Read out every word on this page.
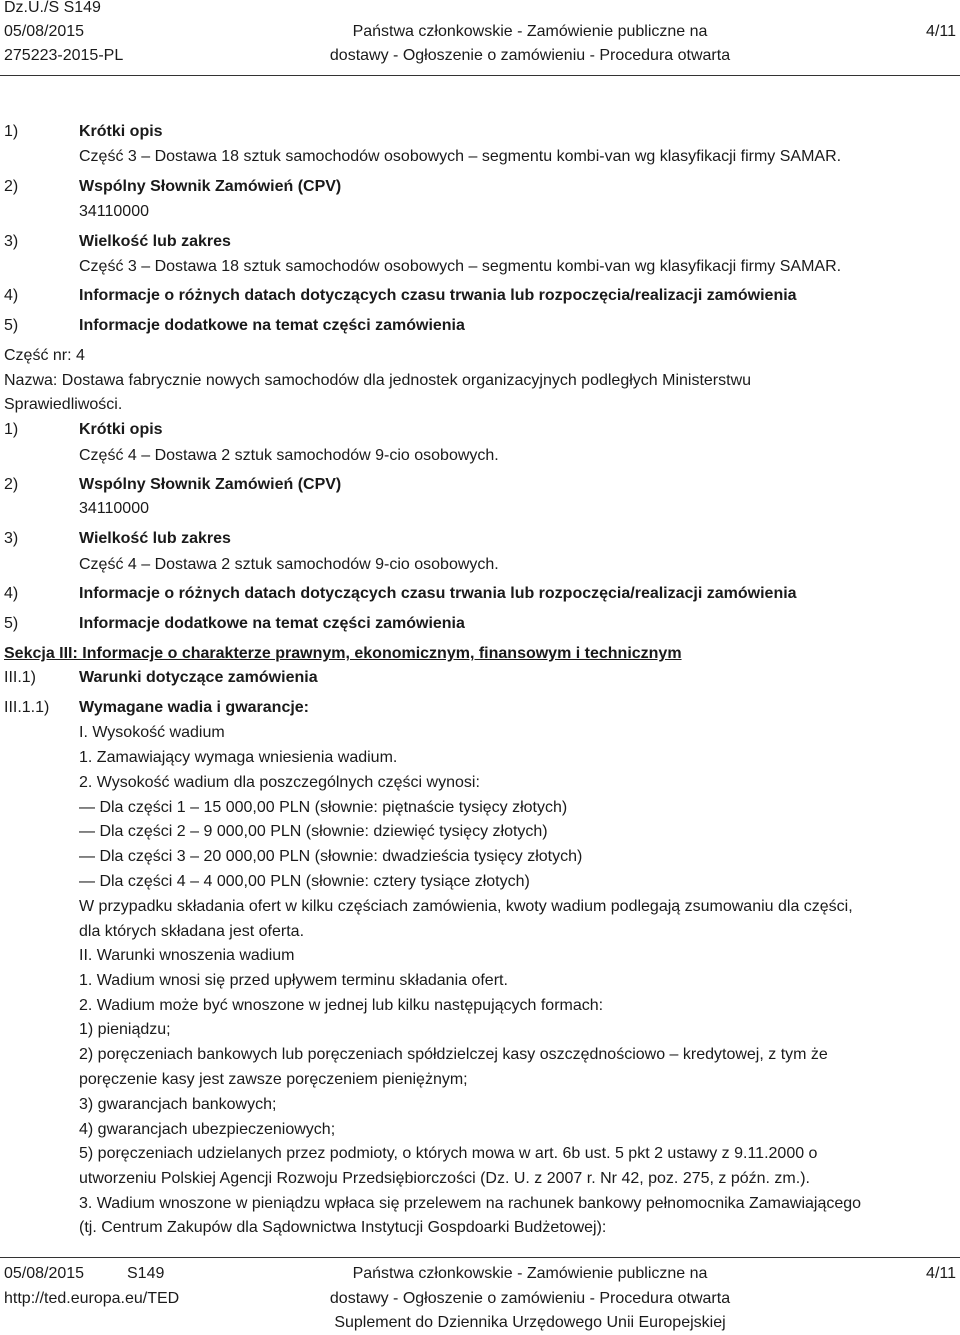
Dz.U./S S149
05/08/2015	Państwa członkowskie - Zamówienie publiczne na	4/11
275223-2015-PL	dostawy - Ogłoszenie o zamówieniu - Procedura otwarta
1)	Krótki opis
Część 3 – Dostawa 18 sztuk samochodów osobowych – segmentu kombi-van wg klasyfikacji firmy SAMAR.
2)	Wspólny Słownik Zamówień (CPV)
34110000
3)	Wielkość lub zakres
Część 3 – Dostawa 18 sztuk samochodów osobowych – segmentu kombi-van wg klasyfikacji firmy SAMAR.
4)	Informacje o różnych datach dotyczących czasu trwania lub rozpoczęcia/realizacji zamówienia
5)	Informacje dodatkowe na temat części zamówienia
Część nr: 4
Nazwa: Dostawa fabrycznie nowych samochodów dla jednostek organizacyjnych podległych Ministerstwu
Sprawiedliwości.
1)	Krótki opis
Część 4 – Dostawa 2 sztuk samochodów 9-cio osobowych.
2)	Wspólny Słownik Zamówień (CPV)
34110000
3)	Wielkość lub zakres
Część 4 – Dostawa 2 sztuk samochodów 9-cio osobowych.
4)	Informacje o różnych datach dotyczących czasu trwania lub rozpoczęcia/realizacji zamówienia
5)	Informacje dodatkowe na temat części zamówienia
Sekcja III: Informacje o charakterze prawnym, ekonomicznym, finansowym i technicznym
III.1)	Warunki dotyczące zamówienia
III.1.1) Wymagane wadia i gwarancje:
I. Wysokość wadium
1. Zamawiający wymaga wniesienia wadium.
2. Wysokość wadium dla poszczególnych części wynosi:
— Dla części 1 – 15 000,00 PLN (słownie: piętnaście tysięcy złotych)
— Dla części 2 – 9 000,00 PLN (słownie: dziewięć tysięcy złotych)
— Dla części 3 – 20 000,00 PLN (słownie: dwadzieścia tysięcy złotych)
— Dla części 4 – 4 000,00 PLN (słownie: cztery tysiące złotych)
W przypadku składania ofert w kilku częściach zamówienia, kwoty wadium podlegają zsumowaniu dla części,
dla których składana jest oferta.
II. Warunki wnoszenia wadium
1. Wadium wnosi się przed upływem terminu składania ofert.
2. Wadium może być wnoszone w jednej lub kilku następujących formach:
1) pieniądzu;
2) poręczeniach bankowych lub poręczeniach spółdzielczej kasy oszczędnościowo – kredytowej, z tym że
poręczenie kasy jest zawsze poręczeniem pieniężnym;
3) gwarancjach bankowych;
4) gwarancjach ubezpieczeniowych;
5) poręczeniach udzielanych przez podmioty, o których mowa w art. 6b ust. 5 pkt 2 ustawy z 9.11.2000 o
utworzeniu Polskiej Agencji Rozwoju Przedsiębiorczości (Dz. U. z 2007 r. Nr 42, poz. 275, z późn. zm.).
3. Wadium wnoszone w pieniądzu wpłaca się przelewem na rachunek bankowy pełnomocnika Zamawiającego
(tj. Centrum Zakupów dla Sądownictwa Instytucji Gospdoarki Budżetowej):
05/08/2015	S149	Państwa członkowskie - Zamówienie publiczne na	4/11
http://ted.europa.eu/TED	dostawy - Ogłoszenie o zamówieniu - Procedura otwarta
Suplement do Dziennika Urzędowego Unii Europejskiej
